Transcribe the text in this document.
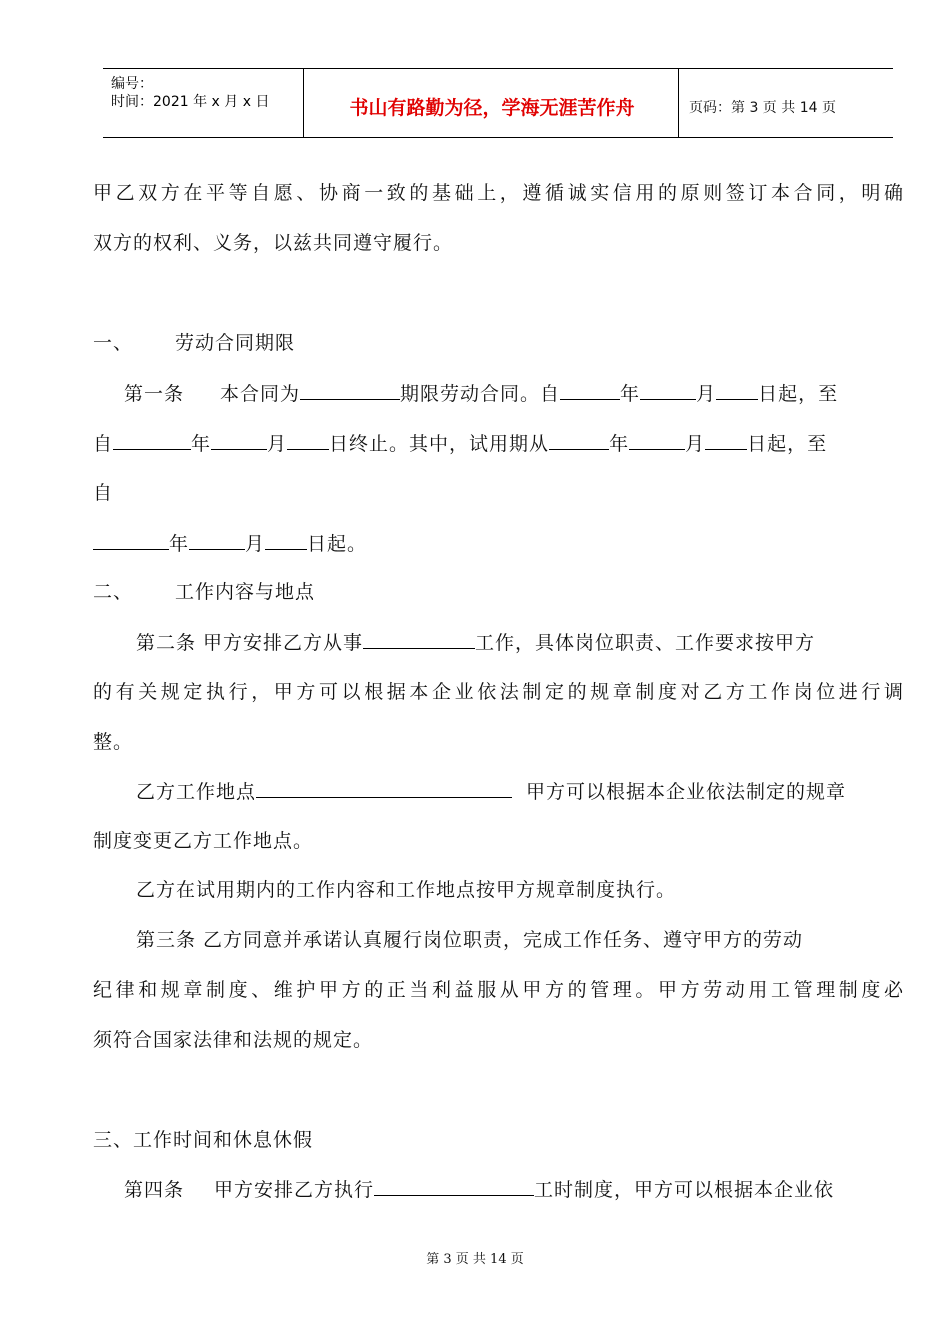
编号：
时间：2021 年 x 月 x 日	书山有路勤为径，学海无涯苦作舟	页码：第 3 页 共 14 页
甲乙双方在平等自愿、协商一致的基础上，遵循诚实信用的原则签订本合同，明确
双方的权利、义务，以兹共同遵守履行。
一、 劳动合同期限
第一条 本合同为	期限劳动合同。自	年	月 日起，至
自	年	月 日终止。其中，试用期从	年	月 日起，至
自
年	月 日起。
二、 工作内容与地点
第二条 甲方安排乙方从事	工作，具体岗位职责、工作要求按甲方
的有关规定执行，甲方可以根据本企业依法制定的规章制度对乙方工作岗位进行调
整。
乙方工作地点	甲方可以根据本企业依法制定的规章
制度变更乙方工作地点。
乙方在试用期内的工作内容和工作地点按甲方规章制度执行。
第三条 乙方同意并承诺认真履行岗位职责，完成工作任务、遵守甲方的劳动
纪律和规章制度、维护甲方的正当利益服从甲方的管理。甲方劳动用工管理制度必
须符合国家法律和法规的规定。
三、工作时间和休息休假
第四条 甲方安排乙方执行	工时制度，甲方可以根据本企业依
第 3 页 共 14 页
